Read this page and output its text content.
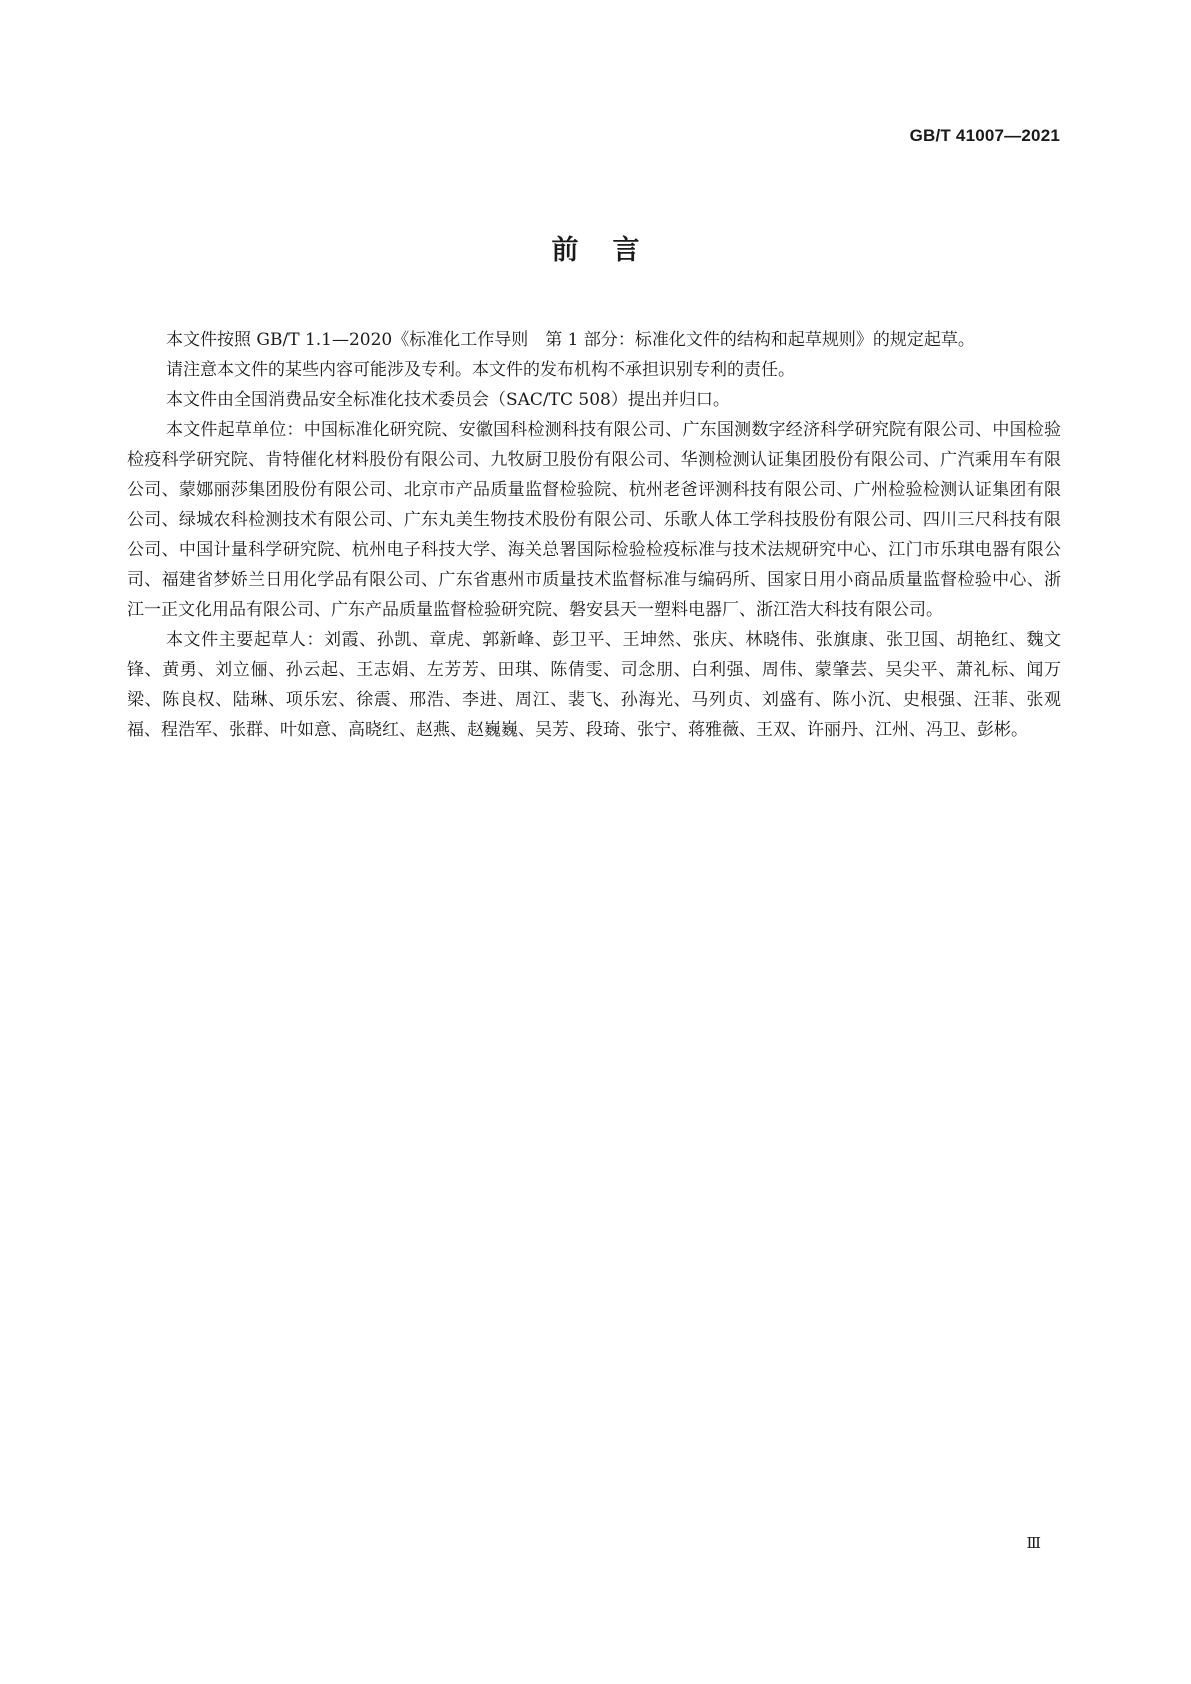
GB/T 41007—2021
前言

本文件按照 GB/T 1.1—2020《标准化工作导则　第 1 部分：标准化文件的结构和起草规则》的规定起草。

请注意本文件的某些内容可能涉及专利。本文件的发布机构不承担识别专利的责任。

本文件由全国消费品安全标准化技术委员会（SAC/TC 508）提出并归口。

本文件起草单位：中国标准化研究院、安徽国科检测科技有限公司、广东国测数字经济科学研究院有限公司、中国检验检疫科学研究院、肯特催化材料股份有限公司、九牧厨卫股份有限公司、华测检测认证集团股份有限公司、广汽乘用车有限公司、蒙娜丽莎集团股份有限公司、北京市产品质量监督检验院、杭州老爸评测科技有限公司、广州检验检测认证集团有限公司、绿城农科检测技术有限公司、广东丸美生物技术股份有限公司、乐歌人体工学科技股份有限公司、四川三尺科技有限公司、中国计量科学研究院、杭州电子科技大学、海关总署国际检验检疫标准与技术法规研究中心、江门市乐琪电器有限公司、福建省梦娇兰日用化学品有限公司、广东省惠州市质量技术监督标准与编码所、国家日用小商品质量监督检验中心、浙江一正文化用品有限公司、广东产品质量监督检验研究院、磐安县天一塑料电器厂、浙江浩大科技有限公司。

本文件主要起草人：刘霞、孙凯、章虎、郭新峰、彭卫平、王坤然、张庆、林晓伟、张旗康、张卫国、胡艳红、魏文锋、黄勇、刘立俪、孙云起、王志娟、左芳芳、田琪、陈倩雯、司念朋、白利强、周伟、蒙肇芸、吴尖平、萧礼标、闻万梁、陈良权、陆琳、项乐宏、徐震、邢浩、李进、周江、裴飞、孙海光、马列贞、刘盛有、陈小沉、史根强、汪菲、张观福、程浩军、张群、叶如意、高晓红、赵燕、赵巍巍、吴芳、段琦、张宁、蒋雅薇、王双、许丽丹、江州、冯卫、彭彬。

Ⅲ
